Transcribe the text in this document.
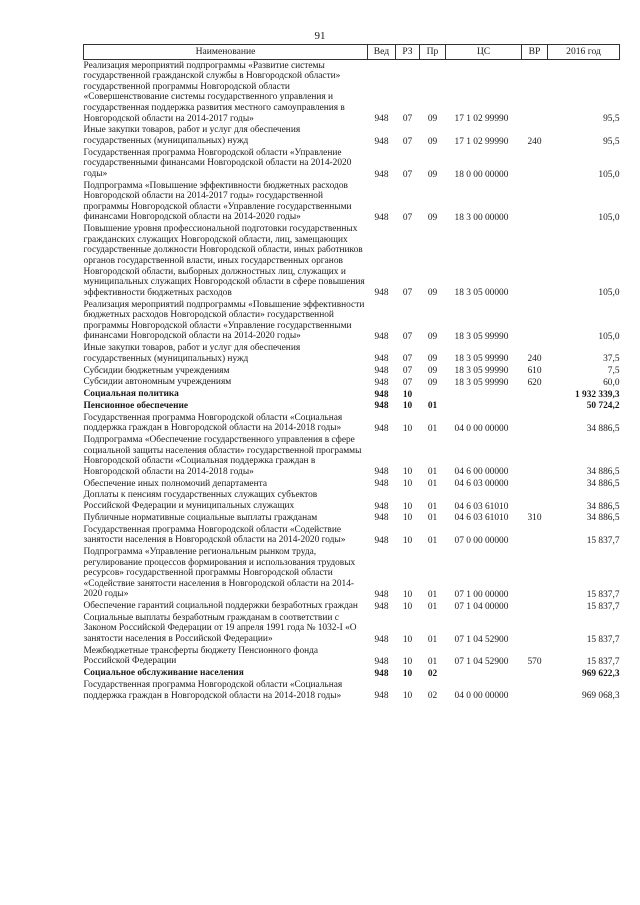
91
Наименование	Вед	РЗ	Пр	ЦС	ВР	2016 год
Реализация мероприятий подпрограммы «Развитие системы государственной гражданской службы в Новгородской области» государственной программы Новгородской области «Совершенствование системы государственного управления и государственная поддержка развития местного самоуправления в Новгородской области на 2014-2017 годы»	948	07	09	17 1 02 99990		95,5
Иные закупки товаров, работ и услуг для обеспечения государственных (муниципальных) нужд	948	07	09	17 1 02 99990	240	95,5
Государственная программа Новгородской области «Управление государственными финансами Новгородской области на 2014-2020 годы»	948	07	09	18 0 00 00000		105,0
Подпрограмма «Повышение эффективности бюджетных расходов Новгородской области на 2014-2017 годы» государственной программы Новгородской области «Управление государственными финансами Новгородской области на 2014-2020 годы»	948	07	09	18 3 00 00000		105,0
Повышение уровня профессиональной подготовки государственных гражданских служащих Новгородской области, лиц, замещающих государственные должности Новгородской области, иных работников органов государственной власти, иных государственных органов Новгородской области, выборных должностных лиц, служащих и муниципальных служащих Новгородской области в сфере повышения эффективности бюджетных расходов	948	07	09	18 3 05 00000		105,0
Реализация мероприятий подпрограммы «Повышение эффективности бюджетных расходов Новгородской области» государственной программы Новгородской области «Управление государственными финансами Новгородской области на 2014-2020 годы»	948	07	09	18 3 05 99990		105,0
Иные закупки товаров, работ и услуг для обеспечения государственных (муниципальных) нужд	948	07	09	18 3 05 99990	240	37,5
Субсидии бюджетным учреждениям	948	07	09	18 3 05 99990	610	7,5
Субсидии автономным учреждениям	948	07	09	18 3 05 99990	620	60,0
Социальная политика	948	10				1 932 339,3
Пенсионное обеспечение	948	10	01			50 724,2
Государственная программа Новгородской области «Социальная поддержка граждан в Новгородской области на 2014-2018 годы»	948	10	01	04 0 00 00000		34 886,5
Подпрограмма «Обеспечение государственного управления в сфере социальной защиты населения области» государственной программы Новгородской области «Социальная поддержка граждан в Новгородской области на 2014-2018 годы»	948	10	01	04 6 00 00000		34 886,5
Обеспечение иных полномочий департамента	948	10	01	04 6 03 00000		34 886,5
Доплаты к пенсиям государственных служащих субъектов Российской Федерации и муниципальных служащих	948	10	01	04 6 03 61010		34 886,5
Публичные нормативные социальные выплаты гражданам	948	10	01	04 6 03 61010	310	34 886,5
Государственная программа Новгородской области «Содействие занятости населения в Новгородской области на 2014-2020 годы»	948	10	01	07 0 00 00000		15 837,7
Подпрограмма «Управление региональным рынком труда, регулирование процессов формирования и использования трудовых ресурсов» государственной программы Новгородской области «Содействие занятости населения в Новгородской области на 2014-2020 годы»	948	10	01	07 1 00 00000		15 837,7
Обеспечение гарантий социальной поддержки безработных граждан	948	10	01	07 1 04 00000		15 837,7
Социальные выплаты безработным гражданам в соответствии с Законом Российской Федерации от 19 апреля 1991 года № 1032-I «О занятости населения в Российской Федерации»	948	10	01	07 1 04 52900		15 837,7
Межбюджетные трансферты бюджету Пенсионного фонда Российской Федерации	948	10	01	07 1 04 52900	570	15 837,7
Социальное обслуживание населения	948	10	02			969 622,3
Государственная программа Новгородской области «Социальная поддержка граждан в Новгородской области на 2014-2018 годы»	948	10	02	04 0 00 00000		969 068,3
